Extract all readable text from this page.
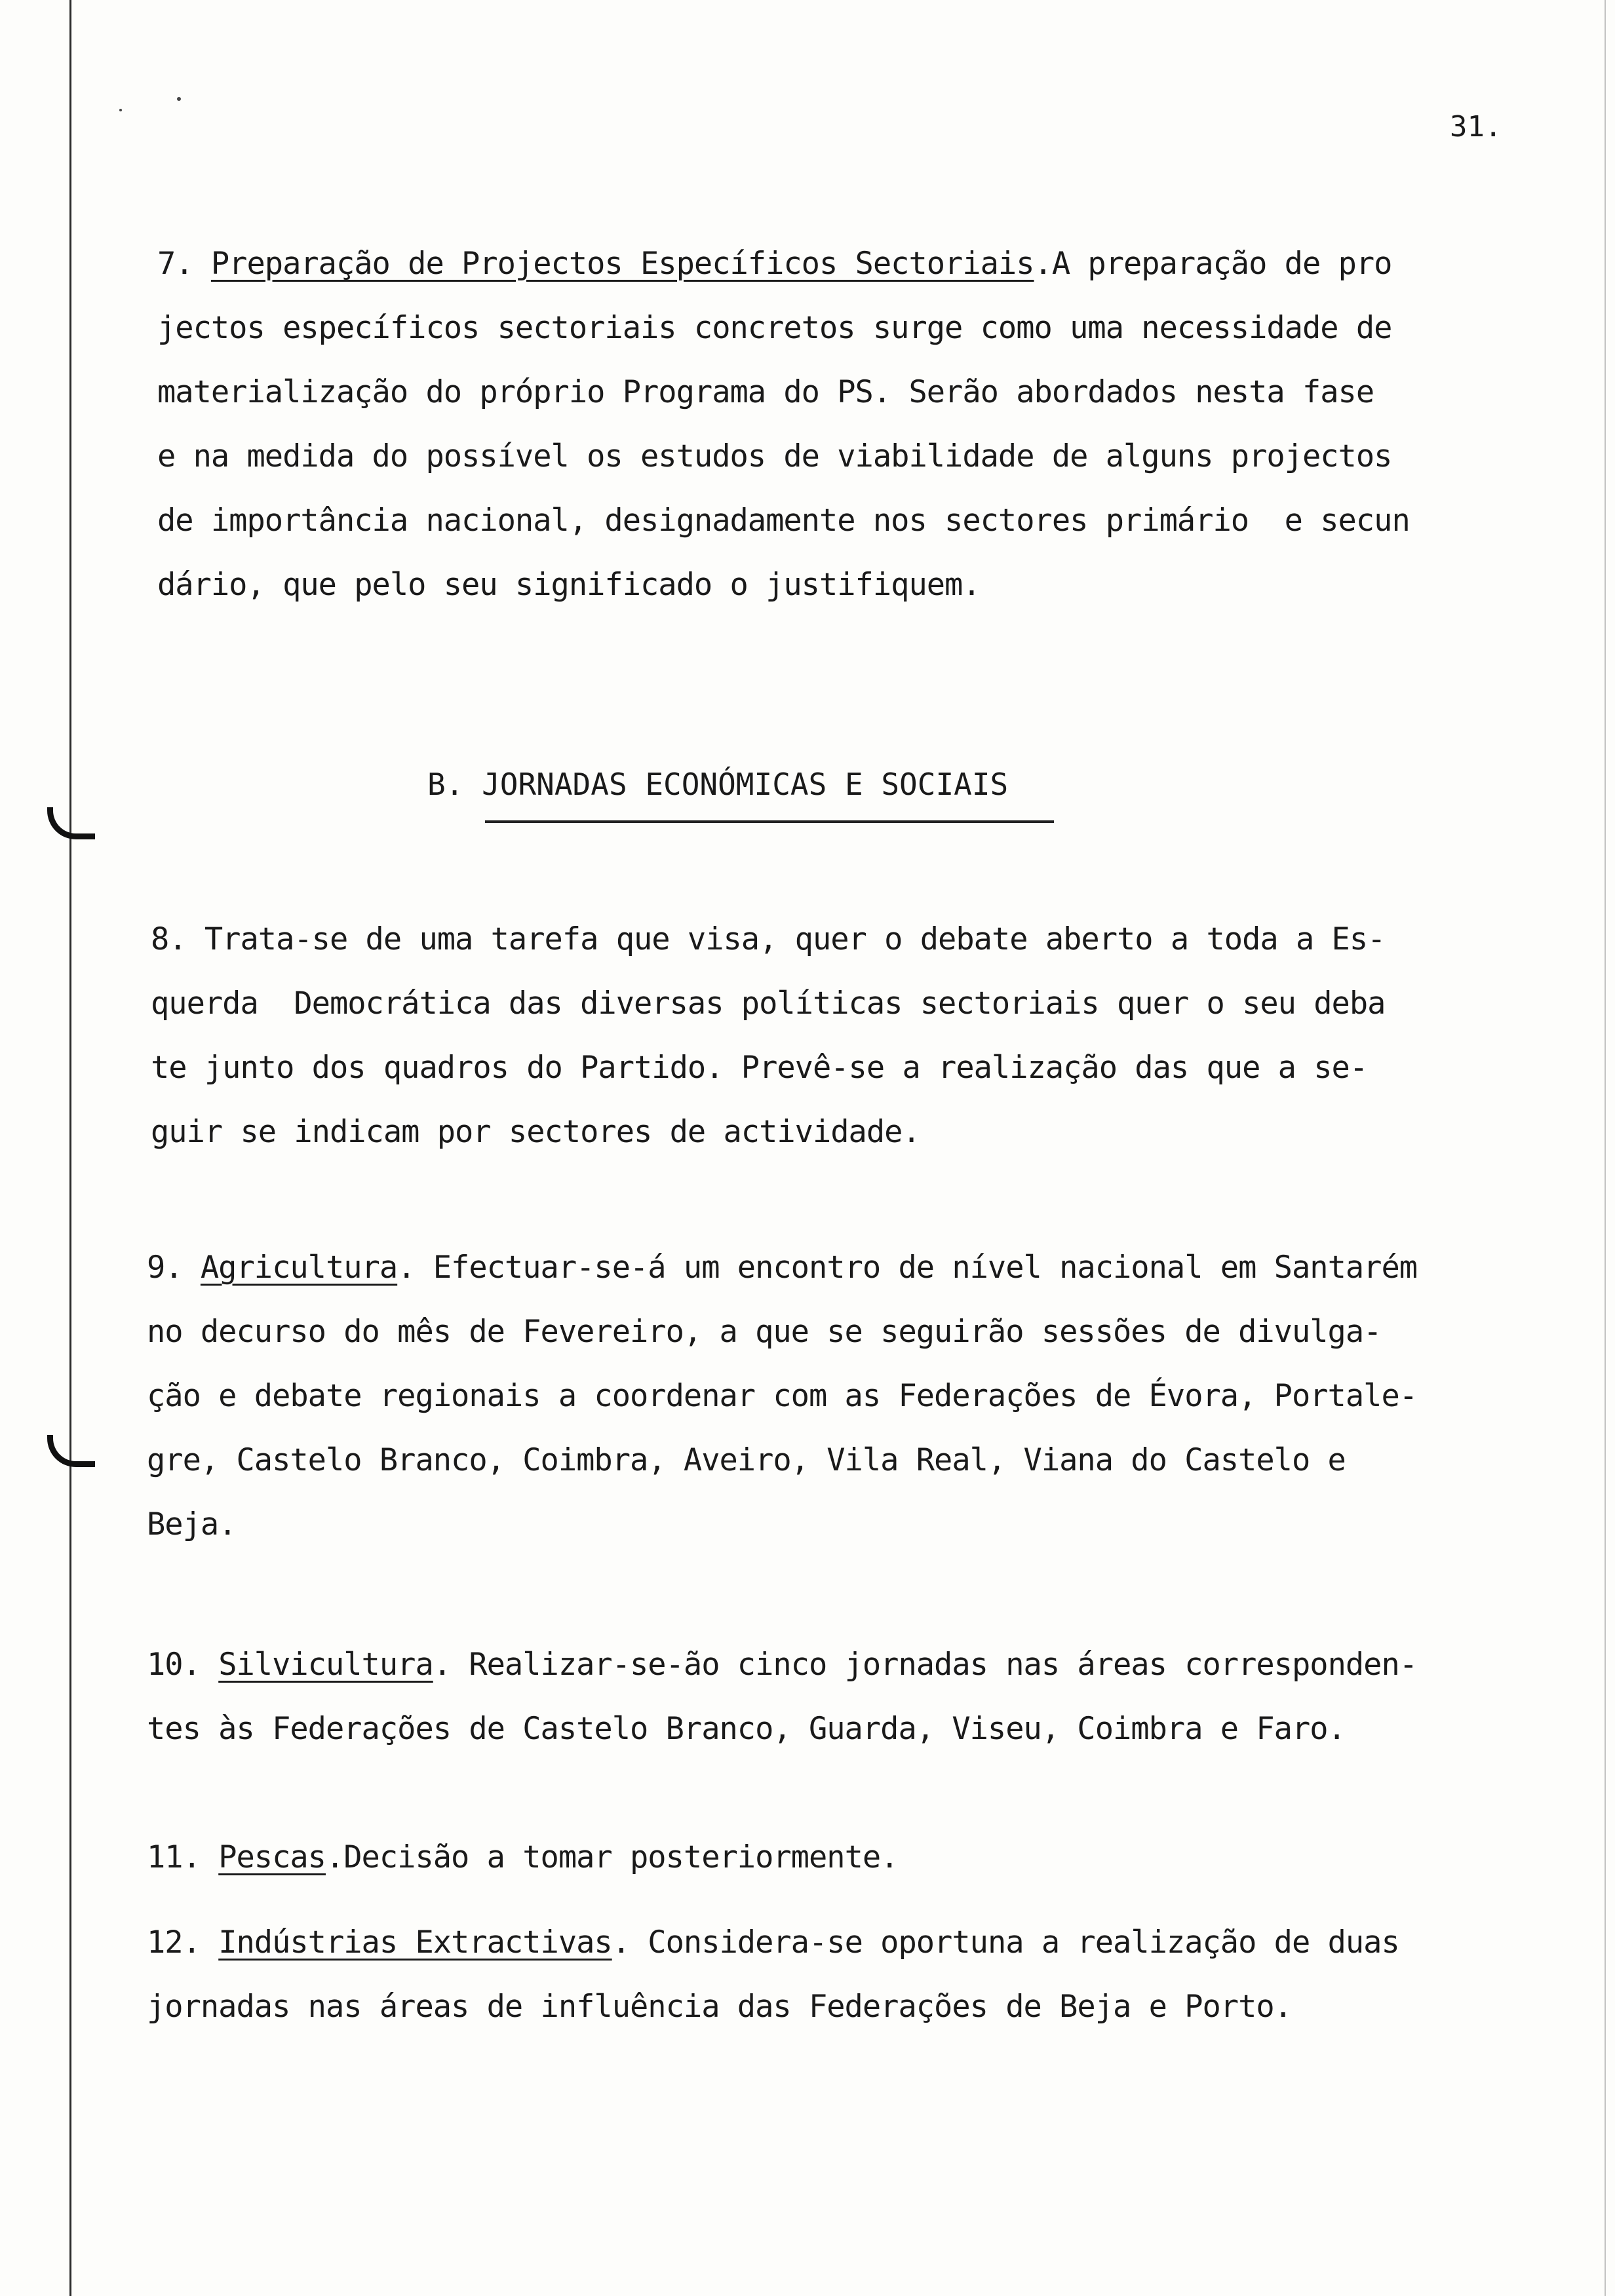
31.

7. Preparação de Projectos Específicos Sectoriais.A preparação de pro
jectos específicos sectoriais concretos surge como uma necessidade de
materialização do próprio Programa do PS. Serão abordados nesta fase
e na medida do possível os estudos de viabilidade de alguns projectos
de importância nacional, designadamente nos sectores primário  e secun
dário, que pelo seu significado o justifiquem.

B. JORNADAS ECONÓMICAS E SOCIAIS

8. Trata-se de uma tarefa que visa, quer o debate aberto a toda a Es-
querda  Democrática das diversas políticas sectoriais quer o seu deba
te junto dos quadros do Partido. Prevê-se a realização das que a se-
guir se indicam por sectores de actividade.

9. Agricultura. Efectuar-se-á um encontro de nível nacional em Santarém
no decurso do mês de Fevereiro, a que se seguirão sessões de divulga-
ção e debate regionais a coordenar com as Federações de Évora, Portale-
gre, Castelo Branco, Coimbra, Aveiro, Vila Real, Viana do Castelo e
Beja.

10. Silvicultura. Realizar-se-ão cinco jornadas nas áreas corresponden-
tes às Federações de Castelo Branco, Guarda, Viseu, Coimbra e Faro.

11. Pescas.Decisão a tomar posteriormente.

12. Indústrias Extractivas. Considera-se oportuna a realização de duas
jornadas nas áreas de influência das Federações de Beja e Porto.
